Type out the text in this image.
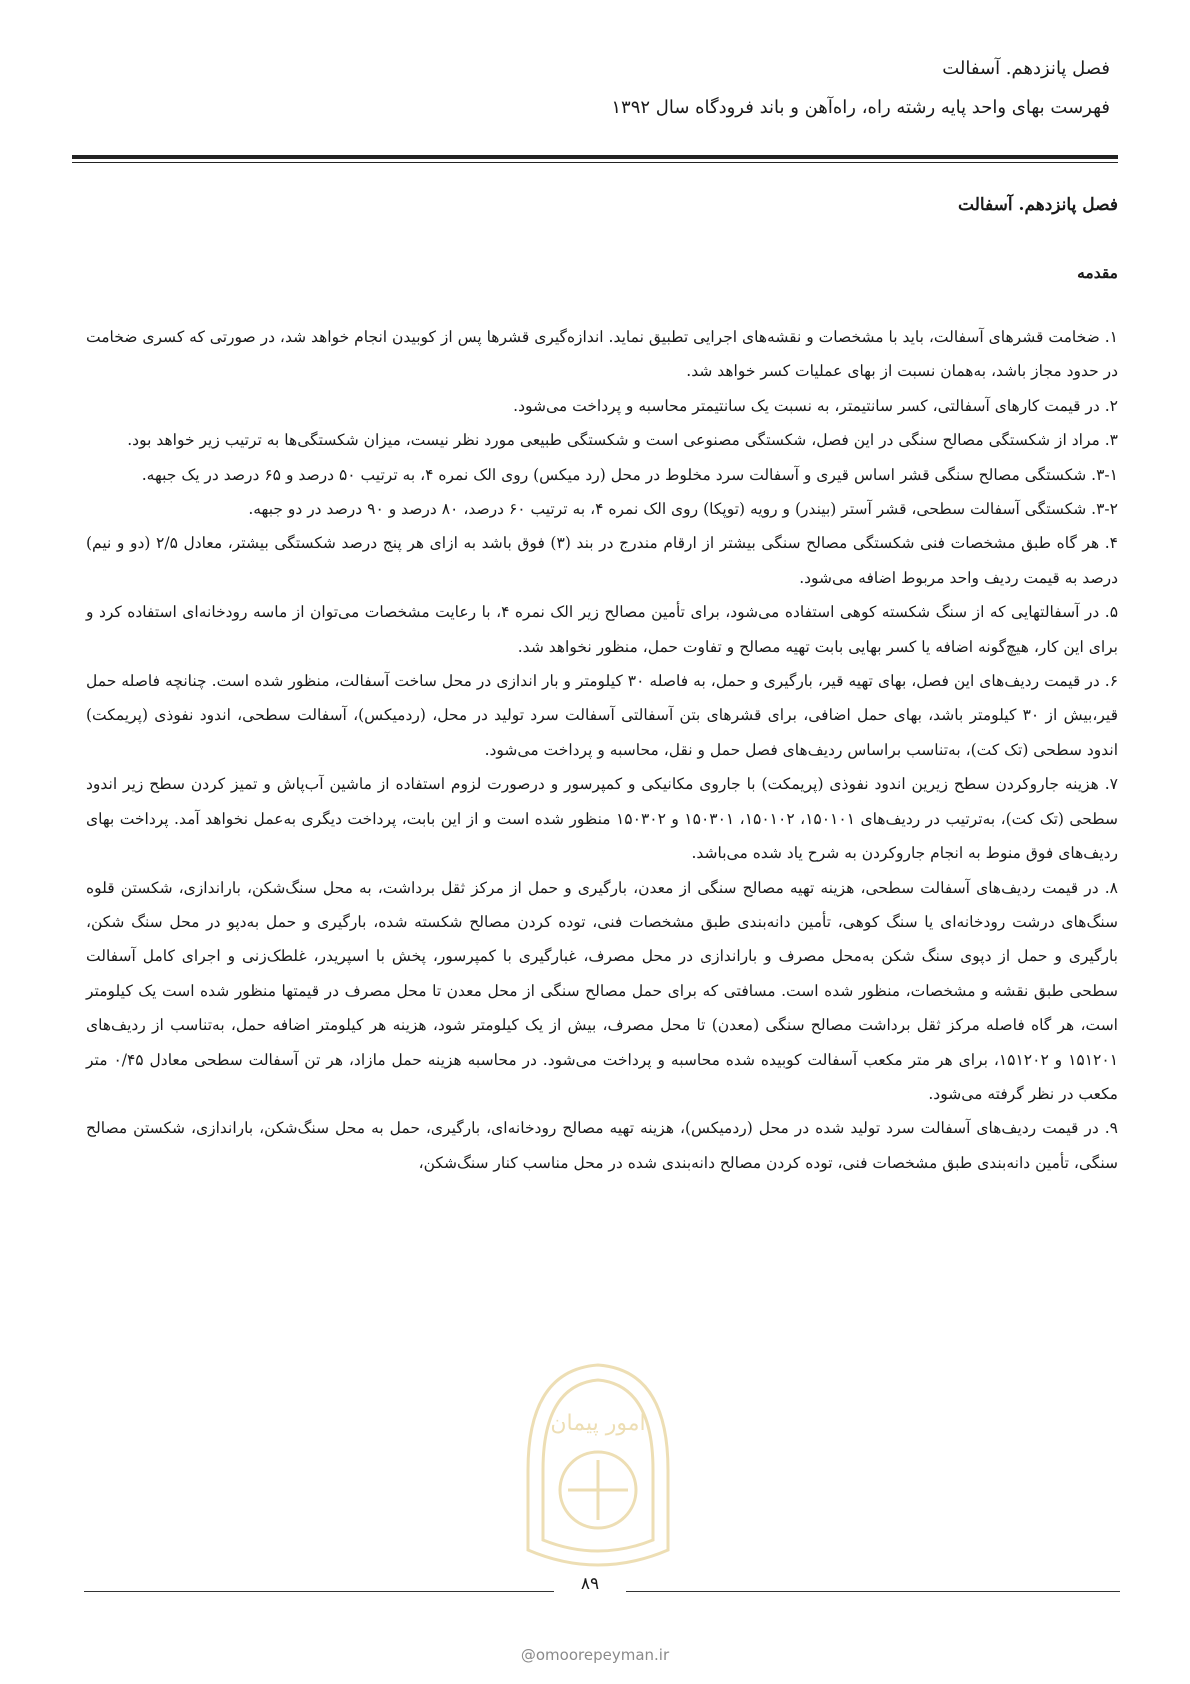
فصل پانزدهم. آسفالت
فهرست بهای واحد پایه رشته راه، راه‌آهن و باند فرودگاه سال ۱۳۹۲
فصل پانزدهم. آسفالت
مقدمه

۱. ضخامت قشرهای آسفالت، باید با مشخصات و نقشه‌های اجرایی تطبیق نماید. اندازه‌گیری قشرها پس از کوبیدن انجام خواهد شد، در صورتی که کسری ضخامت در حدود مجاز باشد، به‌همان نسبت از بهای عملیات کسر خواهد شد.

۲. در قیمت کارهای آسفالتی، کسر سانتیمتر، به نسبت یک سانتیمتر محاسبه و پرداخت می‌شود.

۳. مراد از شکستگی مصالح سنگی در این فصل، شکستگی مصنوعی است و شکستگی طبیعی مورد نظر نیست، میزان شکستگی‌ها به ترتیب زیر خواهد بود.

۳-۱. شکستگی مصالح سنگی قشر اساس قیری و آسفالت سرد مخلوط در محل (رد میکس) روی الک نمره ۴، به ترتیب ۵۰ درصد و ۶۵ درصد در یک جبهه.

۳-۲. شکستگی آسفالت سطحی، قشر آستر (بیندر) و رویه (توپکا) روی الک نمره ۴، به ترتیب ۶۰ درصد، ۸۰ درصد و ۹۰ درصد در دو جبهه.

۴. هر گاه طبق مشخصات فنی شکستگی مصالح سنگی بیشتر از ارقام مندرج در بند (۳) فوق باشد به ازای هر پنج درصد شکستگی بیشتر، معادل ۲/۵ (دو و نیم) درصد به قیمت ردیف واحد مربوط اضافه می‌شود.

۵. در آسفالتهایی که از سنگ شکسته کوهی استفاده می‌شود، برای تأمین مصالح زیر الک نمره ۴، با رعایت مشخصات می‌توان از ماسه رودخانه‌ای استفاده کرد و برای این کار، هیچ‌گونه اضافه یا کسر بهایی بابت تهیه مصالح و تفاوت حمل، منظور نخواهد شد.

۶. در قیمت ردیف‌های این فصل، بهای تهیه قیر، بارگیری و حمل، به فاصله ۳۰ کیلومتر و بار اندازی در محل ساخت آسفالت، منظور شده است. چنانچه فاصله حمل قیر،بیش از ۳۰ کیلومتر باشد، بهای حمل اضافی، برای قشرهای بتن آسفالتی آسفالت سرد تولید در محل، (ردمیکس)، آسفالت سطحی، اندود نفوذی (پریمکت) اندود سطحی (تک کت)، به‌تناسب براساس ردیف‌های فصل حمل و نقل، محاسبه و پرداخت می‌شود.

۷. هزینه جاروکردن سطح زیرین اندود نفوذی (پریمکت) با جاروی مکانیکی و کمپرسور و درصورت لزوم استفاده از ماشین آب‌پاش و تمیز کردن سطح زیر اندود سطحی (تک کت)، به‌ترتیب در ردیف‌های ۱۵۰۱۰۱، ۱۵۰۱۰۲، ۱۵۰۳۰۱ و ۱۵۰۳۰۲ منظور شده است و از این بابت، پرداخت دیگری به‌عمل نخواهد آمد. پرداخت بهای ردیف‌های فوق منوط به انجام جاروکردن به شرح یاد شده می‌باشد.

۸. در قیمت ردیف‌های آسفالت سطحی، هزینه تهیه مصالح سنگی از معدن، بارگیری و حمل از مرکز ثقل برداشت، به محل سنگ‌شکن، باراندازی، شکستن قلوه سنگ‌های درشت رودخانه‌ای یا سنگ کوهی، تأمین دانه‌بندی طبق مشخصات فنی، توده کردن مصالح شکسته شده، بارگیری و حمل به‌دپو در محل سنگ شکن، بارگیری و حمل از دپوی سنگ شکن به‌محل مصرف و باراندازی در محل مصرف، غبارگیری با کمپرسور، پخش با اسپریدر، غلطک‌زنی و اجرای کامل آسفالت سطحی طبق نقشه و مشخصات، منظور شده است. مسافتی که برای حمل مصالح سنگی از محل معدن تا محل مصرف در قیمتها منظور شده است یک کیلومتر است، هر گاه فاصله مرکز ثقل برداشت مصالح سنگی (معدن) تا محل مصرف، بیش از یک کیلومتر شود، هزینه هر کیلومتر اضافه حمل، به‌تناسب از ردیف‌های ۱۵۱۲۰۱ و ۱۵۱۲۰۲، برای هر متر مکعب آسفالت کوبیده شده محاسبه و پرداخت می‌شود. در محاسبه هزینه حمل مازاد، هر تن آسفالت سطحی معادل ۰/۴۵ متر مکعب در نظر گرفته می‌شود.

۹. در قیمت ردیف‌های آسفالت سرد تولید شده در محل (ردمیکس)، هزینه تهیه مصالح رودخانه‌ای، بارگیری، حمل به محل سنگ‌شکن، باراندازی، شکستن مصالح سنگی، تأمین دانه‌بندی طبق مشخصات فنی، توده کردن مصالح دانه‌بندی شده در محل مناسب کنار سنگ‌شکن،

امور پیمان
۸۹
@omoorepeyman.ir
